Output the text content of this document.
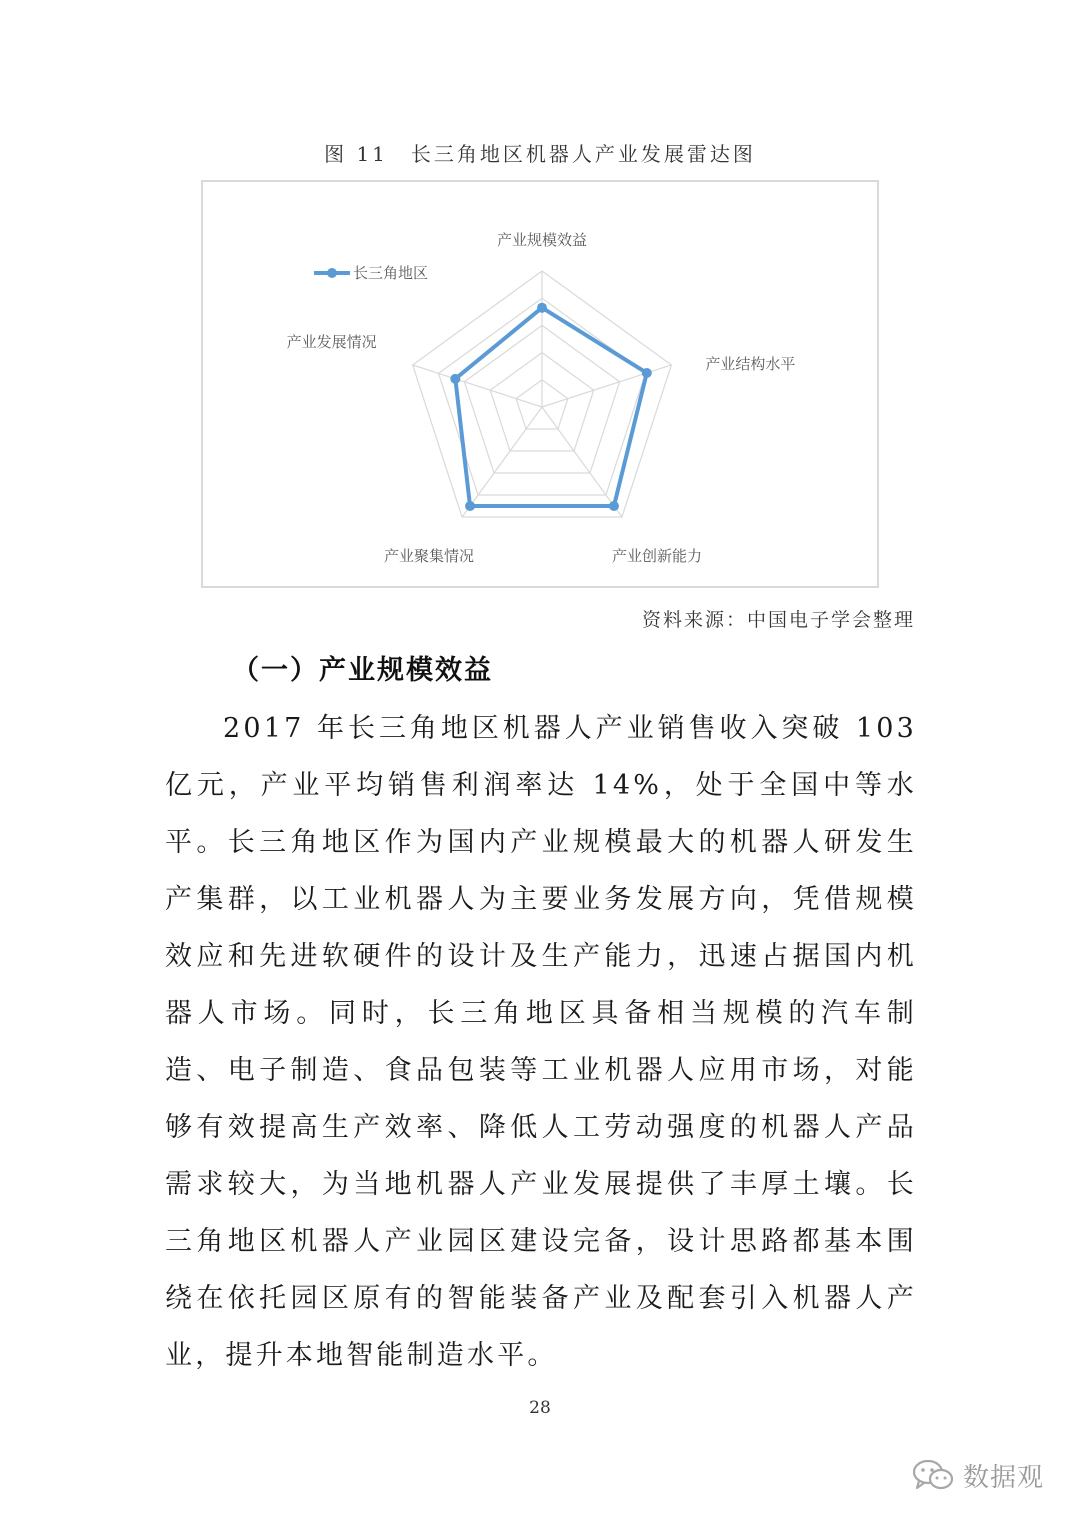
图 11　长三角地区机器人产业发展雷达图
产业规模效益
产业结构水平
产业创新能力
产业聚集情况
产业发展情况
长三角地区
资料来源：中国电子学会整理
（一）产业规模效益

2017 年长三角地区机器人产业销售收入突破 103 亿元，产业平均销售利润率达 14%，处于全国中等水平。长三角地区作为国内产业规模最大的机器人研发生产集群，以工业机器人为主要业务发展方向，凭借规模效应和先进软硬件的设计及生产能力，迅速占据国内机器人市场。同时，长三角地区具备相当规模的汽车制造、电子制造、食品包装等工业机器人应用市场，对能够有效提高生产效率、降低人工劳动强度的机器人产品需求较大，为当地机器人产业发展提供了丰厚土壤。长三角地区机器人产业园区建设完备，设计思路都基本围绕在依托园区原有的智能装备产业及配套引入机器人产业，提升本地智能制造水平。

28
数据观
